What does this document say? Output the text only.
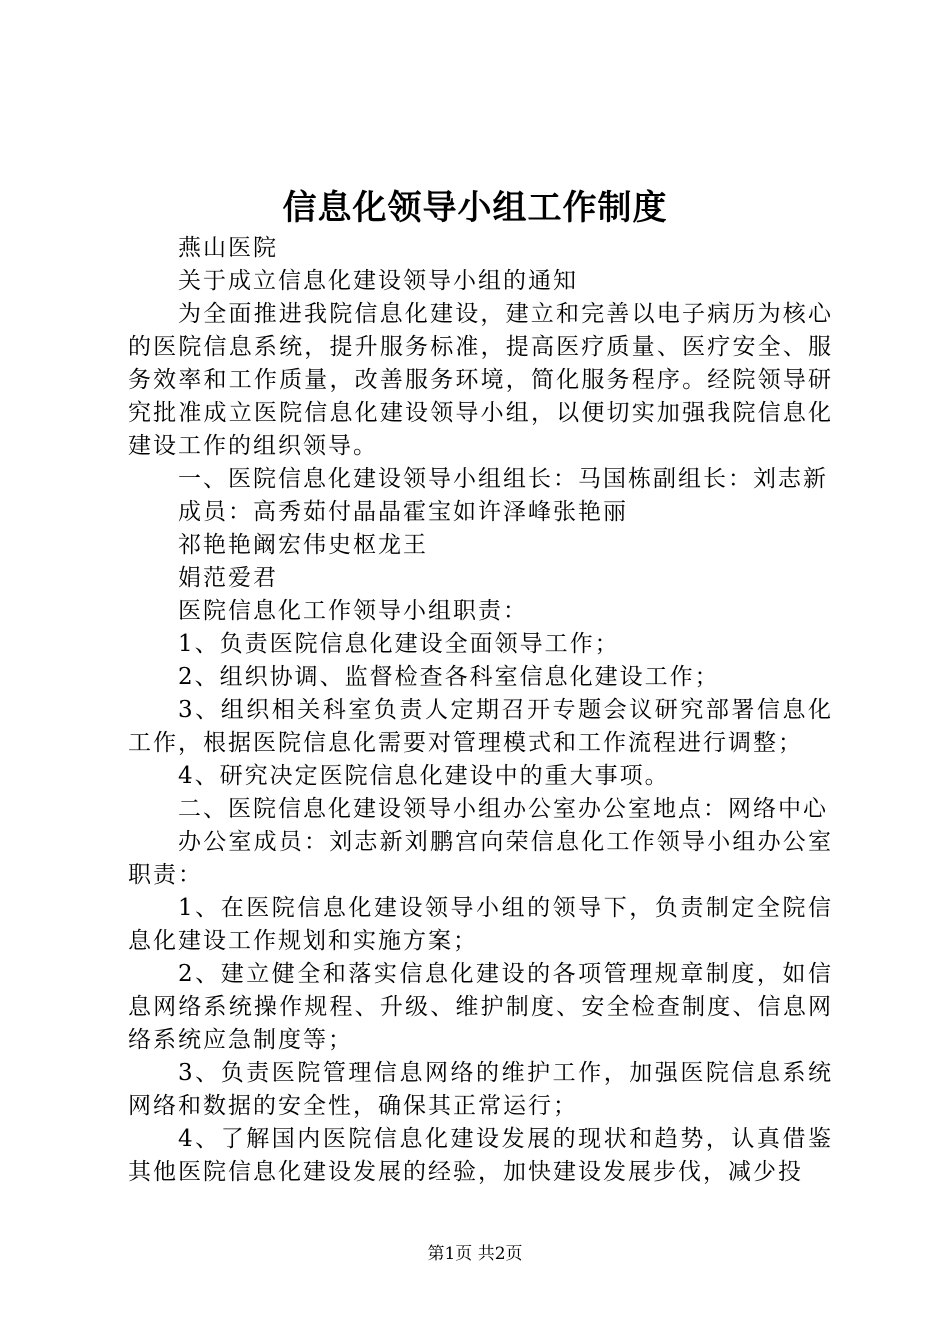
信息化领导小组工作制度

燕山医院

关于成立信息化建设领导小组的通知

为全面推进我院信息化建设，建立和完善以电子病历为核心的医院信息系统，提升服务标准，提高医疗质量、医疗安全、服务效率和工作质量，改善服务环境，简化服务程序。经院领导研究批准成立医院信息化建设领导小组，以便切实加强我院信息化建设工作的组织领导。

一、医院信息化建设领导小组组长：马国栋副组长：刘志新

成员：高秀茹付晶晶霍宝如许泽峰张艳丽

祁艳艳阚宏伟史枢龙王

娟范爱君

医院信息化工作领导小组职责：

1、负责医院信息化建设全面领导工作；

2、组织协调、监督检查各科室信息化建设工作；

3、组织相关科室负责人定期召开专题会议研究部署信息化工作，根据医院信息化需要对管理模式和工作流程进行调整；

4、研究决定医院信息化建设中的重大事项。

二、医院信息化建设领导小组办公室办公室地点：网络中心

办公室成员：刘志新刘鹏宫向荣信息化工作领导小组办公室职责：

1、在医院信息化建设领导小组的领导下，负责制定全院信息化建设工作规划和实施方案；

2、建立健全和落实信息化建设的各项管理规章制度，如信息网络系统操作规程、升级、维护制度、安全检查制度、信息网络系统应急制度等；

3、负责医院管理信息网络的维护工作，加强医院信息系统网络和数据的安全性，确保其正常运行；

4、了解国内医院信息化建设发展的现状和趋势，认真借鉴其他医院信息化建设发展的经验，加快建设发展步伐，减少投

第1页 共2页
